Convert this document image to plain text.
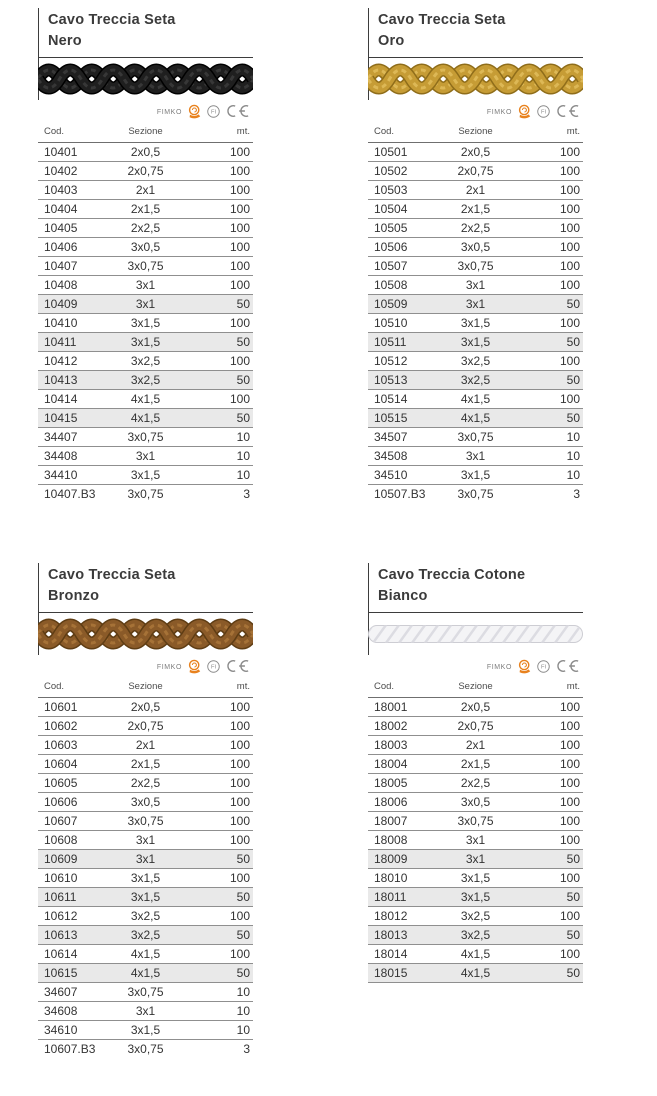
Cavo Treccia Seta
Nero
FIMKO	FI
Cod.	Sezione	mt.
10401	2x0,5	100
10402	2x0,75	100
10403	2x1	100
10404	2x1,5	100
10405	2x2,5	100
10406	3x0,5	100
10407	3x0,75	100
10408	3x1	100
10409	3x1	50
10410	3x1,5	100
10411	3x1,5	50
10412	3x2,5	100
10413	3x2,5	50
10414	4x1,5	100
10415	4x1,5	50
34407	3x0,75	10
34408	3x1	10
34410	3x1,5	10
10407.B3	3x0,75	3
Cavo Treccia Seta
Oro
FIMKO	FI
Cod.	Sezione	mt.
10501	2x0,5	100
10502	2x0,75	100
10503	2x1	100
10504	2x1,5	100
10505	2x2,5	100
10506	3x0,5	100
10507	3x0,75	100
10508	3x1	100
10509	3x1	50
10510	3x1,5	100
10511	3x1,5	50
10512	3x2,5	100
10513	3x2,5	50
10514	4x1,5	100
10515	4x1,5	50
34507	3x0,75	10
34508	3x1	10
34510	3x1,5	10
10507.B3	3x0,75	3
Cavo Treccia Seta
Bronzo
FIMKO	FI
Cod.	Sezione	mt.
10601	2x0,5	100
10602	2x0,75	100
10603	2x1	100
10604	2x1,5	100
10605	2x2,5	100
10606	3x0,5	100
10607	3x0,75	100
10608	3x1	100
10609	3x1	50
10610	3x1,5	100
10611	3x1,5	50
10612	3x2,5	100
10613	3x2,5	50
10614	4x1,5	100
10615	4x1,5	50
34607	3x0,75	10
34608	3x1	10
34610	3x1,5	10
10607.B3	3x0,75	3
Cavo Treccia Cotone
Bianco
FIMKO	FI
Cod.	Sezione	mt.
18001	2x0,5	100
18002	2x0,75	100
18003	2x1	100
18004	2x1,5	100
18005	2x2,5	100
18006	3x0,5	100
18007	3x0,75	100
18008	3x1	100
18009	3x1	50
18010	3x1,5	100
18011	3x1,5	50
18012	3x2,5	100
18013	3x2,5	50
18014	4x1,5	100
18015	4x1,5	50
